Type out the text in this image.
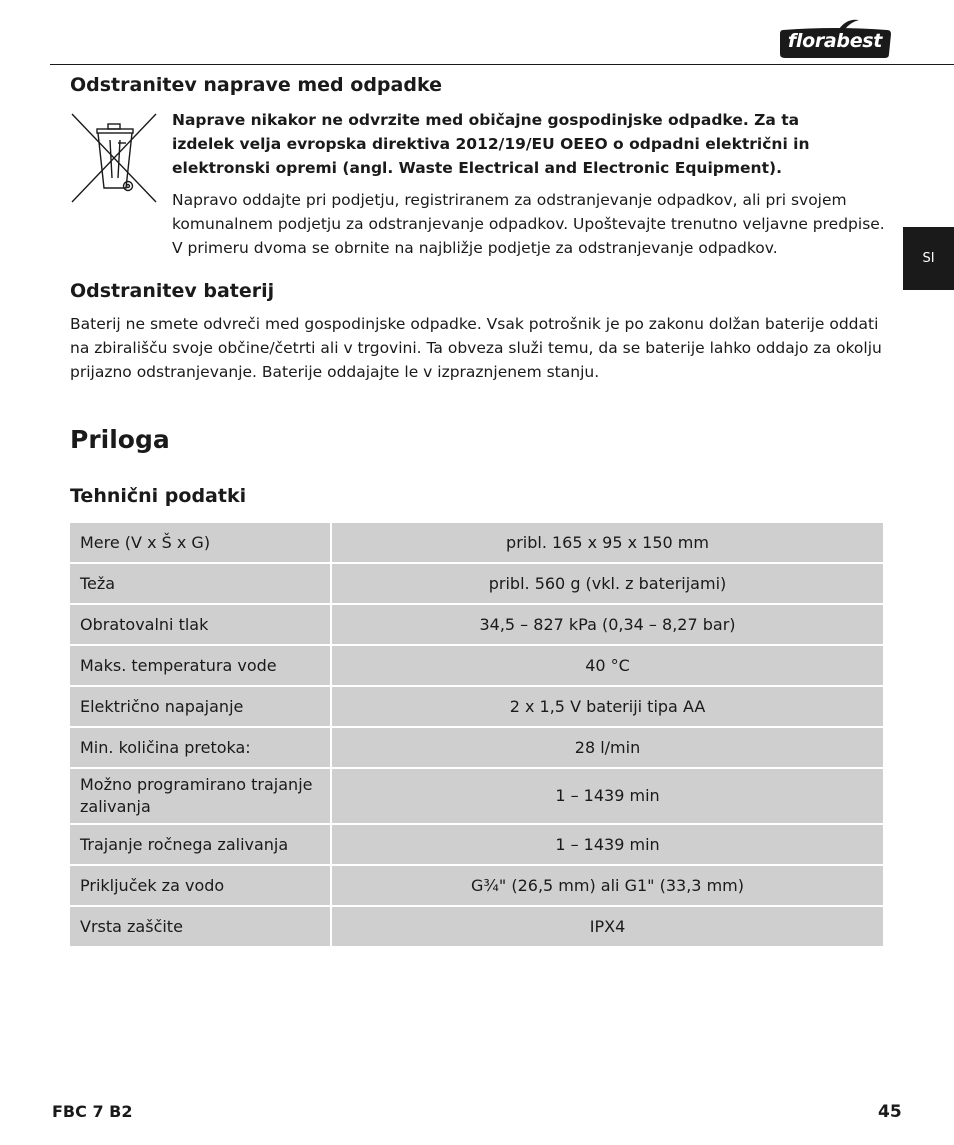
florabest
SI
Odstranitev naprave med odpadke
Naprave nikakor ne odvrzite med običajne gospodinjske odpadke. Za ta
izdelek velja evropska direktiva 2012/19/EU OEEO o odpadni električni in
elektronski opremi (angl. Waste Electrical and Electronic Equipment).
Napravo oddajte pri podjetju, registriranem za odstranjevanje odpadkov, ali pri svojem
komunalnem podjetju za odstranjevanje odpadkov. Upoštevajte trenutno veljavne predpise.
V primeru dvoma se obrnite na najbližje podjetje za odstranjevanje odpadkov.
Odstranitev baterij
Baterij ne smete odvreči med gospodinjske odpadke. Vsak potrošnik je po zakonu dolžan baterije oddati
na zbirališču svoje občine/četrti ali v trgovini. Ta obveza služi temu, da se baterije lahko oddajo za okolju
prijazno odstranjevanje. Baterije oddajajte le v izpraznjenem stanju.
Priloga
Tehnični podatki
Mere (V x Š x G)	pribl. 165 x 95 x 150 mm
Teža	pribl. 560 g (vkl. z baterijami)
Obratovalni tlak	34,5 – 827 kPa (0,34 – 8,27 bar)
Maks. temperatura vode	40 °C
Električno napajanje	2 x 1,5 V bateriji tipa AA
Min. količina pretoka:	28 l/min

Možno programirano trajanje
zalivanja	1 – 1439 min
Trajanje ročnega zalivanja	1 – 1439 min
Priključek za vodo	G¾" (26,5 mm) ali G1" (33,3 mm)
Vrsta zaščite	IPX4
FBC 7 B2	45
